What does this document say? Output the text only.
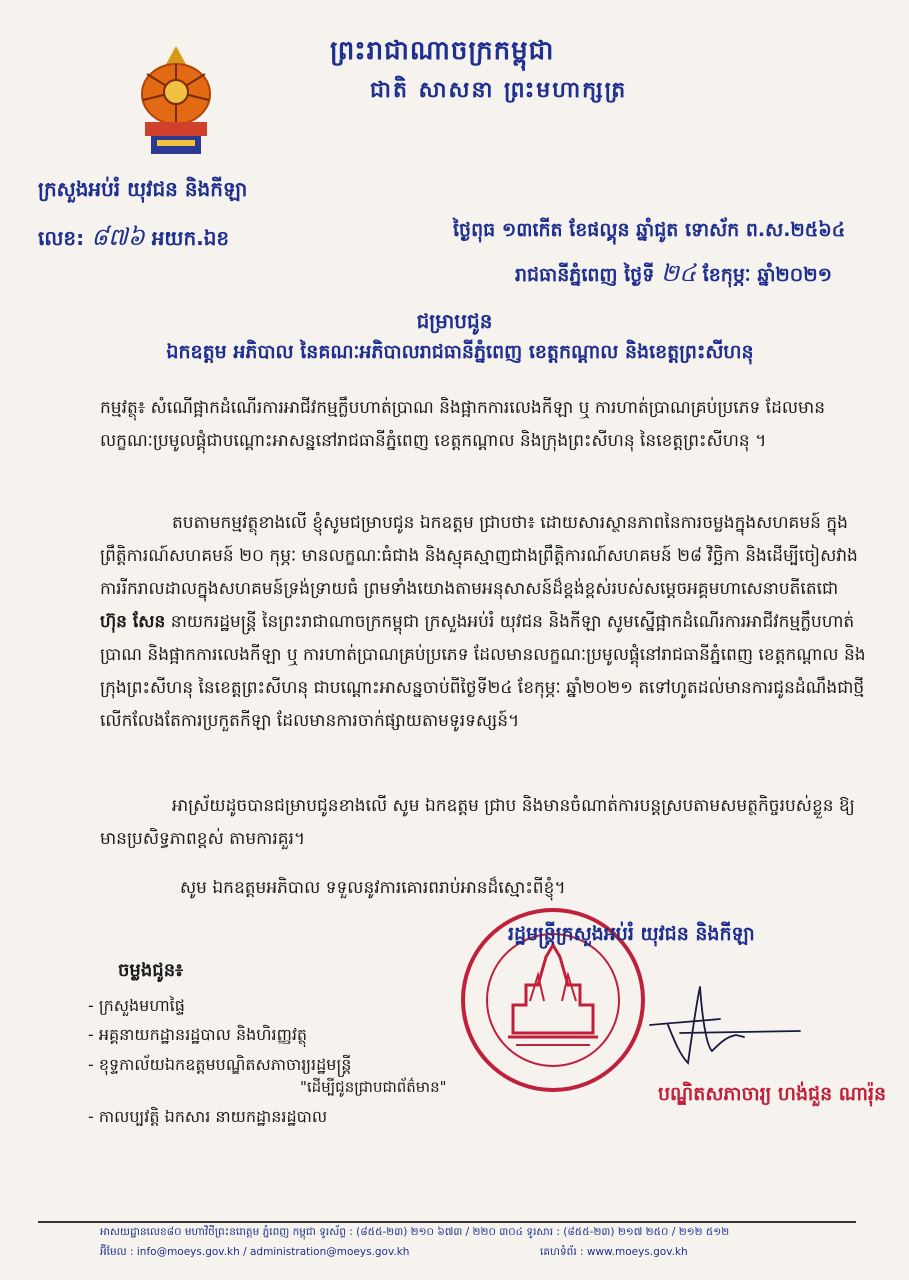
ព្រះរាជាណាចក្រកម្ពុជា
ជាតិ សាសនា ព្រះមហាក្សត្រ
ក្រសួងអប់រំ យុវជន និងកីឡា
លេខ: ៨៧៦ អយក.ឯខ	ថ្ងៃពុធ ១៣កើត ខែផល្គុន ឆ្នាំជូត ទោស័ក ព.ស.២៥៦៤
រាជធានីភ្នំពេញ ថ្ងៃទី ២៤ ខែកុម្ភៈ ឆ្នាំ២០២១
ជម្រាបជូន
ឯកឧត្តម អភិបាល នៃគណៈអភិបាលរាជធានីភ្នំពេញ ខេត្តកណ្តាល និងខេត្តព្រះសីហនុ
កម្មវត្ថុ៖ សំណើផ្អាកដំណើរការអាជីវកម្មក្លឹបហាត់ប្រាណ និងផ្អាកការលេងកីឡា ឬ ការហាត់ប្រាណគ្រប់ប្រភេទ ដែលមានលក្ខណៈប្រមូលផ្តុំជាបណ្តោះអាសន្ននៅរាជធានីភ្នំពេញ ខេត្តកណ្តាល និងក្រុងព្រះសីហនុ នៃខេត្តព្រះសីហនុ ។
តបតាមកម្មវត្ថុខាងលើ ខ្ញុំសូមជម្រាបជូន ឯកឧត្តម ជ្រាបថា៖ ដោយសារស្ថានភាពនៃការចម្លងក្នុងសហគមន៍ ក្នុងព្រឹត្តិការណ៍សហគមន៍ ២០ កុម្ភៈ មានលក្ខណៈធំជាង និងស្មុគស្មាញជាងព្រឹត្តិការណ៍សហគមន៍ ២៨ វិច្ឆិកា និងដើម្បីចៀសវាងការរីករាលដាលក្នុងសហគមន៍ទ្រង់ទ្រាយធំ ព្រមទាំងយោងតាមអនុសាសន៍ដ៏ខ្ពង់ខ្ពស់របស់សម្តេចអគ្គមហាសេនាបតីតេជោ ហ៊ុន សែន នាយករដ្ឋមន្ត្រី នៃព្រះរាជាណាចក្រកម្ពុជា ក្រសួងអប់រំ យុវជន និងកីឡា សូមស្នើផ្អាកដំណើរការអាជីវកម្មក្លឹបហាត់ប្រាណ និងផ្អាកការលេងកីឡា ឬ ការហាត់ប្រាណគ្រប់ប្រភេទ ដែលមានលក្ខណៈប្រមូលផ្តុំនៅរាជធានីភ្នំពេញ ខេត្តកណ្តាល និងក្រុងព្រះសីហនុ នៃខេត្តព្រះសីហនុ ជាបណ្តោះអាសន្នចាប់ពីថ្ងៃទី២៤ ខែកុម្ភៈ ឆ្នាំ២០២១ តទៅហូតដល់មានការជូនដំណឹងជាថ្មី លើកលែងតែការប្រកួតកីឡា ដែលមានការចាក់ផ្សាយតាមទូរទស្សន៍។
អាស្រ័យដូចបានជម្រាបជូនខាងលើ សូម ឯកឧត្តម ជ្រាប និងមានចំណាត់ការបន្តស្របតាមសមត្ថកិច្ចរបស់ខ្លួន ឱ្យមានប្រសិទ្ធភាពខ្ពស់ តាមការគួរ។
សូម ឯកឧត្តមអភិបាល ទទួលនូវការគោរពរាប់អានដ៏ស្មោះពីខ្ញុំ។
រដ្ឋមន្ត្រីក្រសួងអប់រំ យុវជន និងកីឡា
បណ្ឌិតសភាចារ្យ ហង់ជួន ណារ៉ុន
ចម្លងជូន៖
- ក្រសួងមហាផ្ទៃ
- អគ្គនាយកដ្ឋានរដ្ឋបាល និងហិរញ្ញវត្ថុ
- ខុទ្ទកាល័យឯកឧត្តមបណ្ឌិតសភាចារ្យរដ្ឋមន្ត្រី
"ដើម្បីជូនជ្រាបជាព័ត៌មាន"
- កាលប្បវត្តិ ឯកសារ នាយកដ្ឋានរដ្ឋបាល
អាសយដ្ឋានលេខ៨០ មហាវិថីព្រះនរោត្តម ភ្នំពេញ កម្ពុជា ទូរស័ព្ទ : (៨៥៥-២៣) ២១០ ៦៧៣ / ២២០ ៣០៤ ទូរសារ : (៨៥៥-២៣) ២១៧ ២៥០ / ២១២ ៥១២
អ៊ីមែល : info@moeys.gov.kh / administration@moeys.gov.kh	គេហទំព័រ : www.moeys.gov.kh
